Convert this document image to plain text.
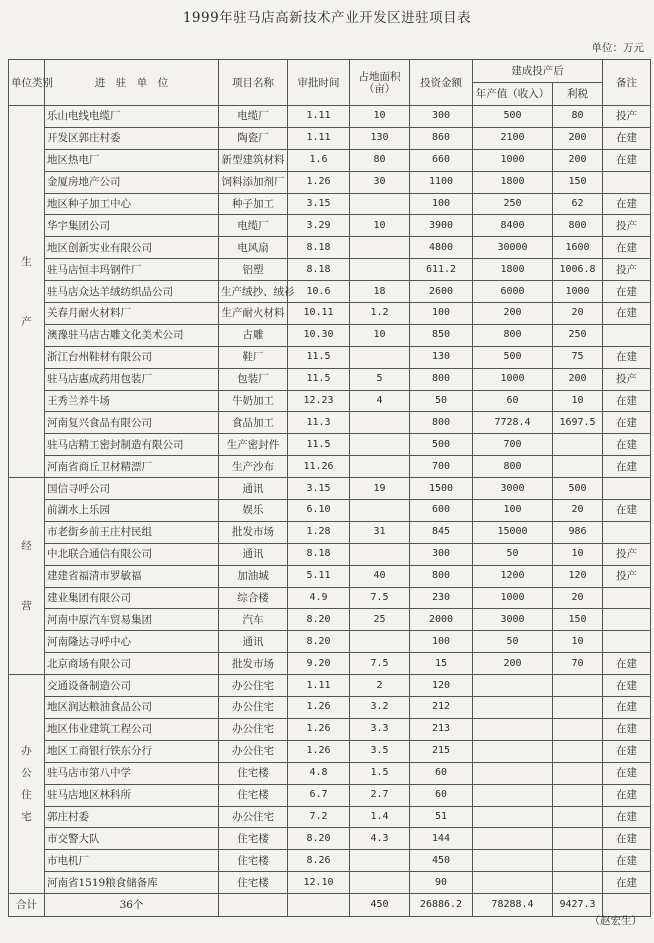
1999年驻马店高新技术产业开发区进驻项目表
单位：万元
单位类别	进　驻　单　位	项目名称	审批时间	占地面积（亩）	投资金额	建成投产后		备注
						年产值（收入）	利税	
生产	乐山电线电缆厂	电缆厂	1.11	10	300	500	80	投产
	开发区郭庄村委	陶瓷厂	1.11	130	860	2100	200	在建
	地区热电厂	新型建筑材料	1.6	80	660	1000	200	在建
	金厦房地产公司	饲料添加剂厂	1.26	30	1100	1800	150	
	地区种子加工中心	种子加工	3.15		100	250	62	在建
	华宇集团公司	电缆厂	3.29	10	3900	8400	800	投产
	地区创新实业有限公司	电风扇	8.18		4800	30000	1600	在建
	驻马店恒丰玛钢件厂	铝塑	8.18		611.2	1800	1006.8	投产
	驻马店众达羊绒纺织品公司	生产绒抄、绒衫	10.6	18	2600	6000	1000	在建
	关春月耐火材料厂	生产耐火材料	10.11	1.2	100	200	20	在建
	澳豫驻马店古雕文化美术公司	古雕	10.30	10	850	800	250	
	浙江台州鞋材有限公司	鞋厂	11.5		130	500	75	在建
	驻马店惠成药用包装厂	包装厂	11.5	5	800	1000	200	投产
	王秀兰养牛场	牛奶加工	12.23	4	50	60	10	在建
	河南复兴食品有限公司	食品加工	11.3		800	7728.4	1697.5	在建
	驻马店精工密封制造有限公司	生产密封件	11.5		500	700		在建
	河南省商丘卫材精漂厂	生产沙布	11.26		700	800		在建
经营	国信寻呼公司	通讯	3.15	19	1500	3000	500	
	前湖水上乐园	娱乐	6.10		600	100	20	在建
	市老街乡前王庄村民组	批发市场	1.28	31	845	15000	986	
	中北联合通信有限公司	通讯	8.18		300	50	10	投产
	建建省福清市罗敏福	加油城	5.11	40	800	1200	120	投产
	建业集团有限公司	综合楼	4.9	7.5	230	1000	20	
	河南中原汽车贸易集团	汽车	8.20	25	2000	3000	150	
	河南隆达寻呼中心	通讯	8.20		100	50	10	
	北京商场有限公司	批发市场	9.20	7.5	15	200	70	在建
办公住宅	交通设备制造公司	办公住宅	1.11	2	120			在建
	地区润达粮油食品公司	办公住宅	1.26	3.2	212			在建
	地区伟业建筑工程公司	办公住宅	1.26	3.3	213			在建
	地区工商银行铁东分行	办公住宅	1.26	3.5	215			在建
	驻马店市第八中学	住宅楼	4.8	1.5	60			在建
	驻马店地区林科所	住宅楼	6.7	2.7	60			在建
	郭庄村委	办公住宅	7.2	1.4	51			在建
	市交警大队	住宅楼	8.20	4.3	144			在建
	市电机厂	住宅楼	8.26		450			在建
	河南省1519粮食储备库	住宅楼	12.10		90			在建
合计	36个			450	26886.2	78288.4	9427.3	
（赵宏生）
